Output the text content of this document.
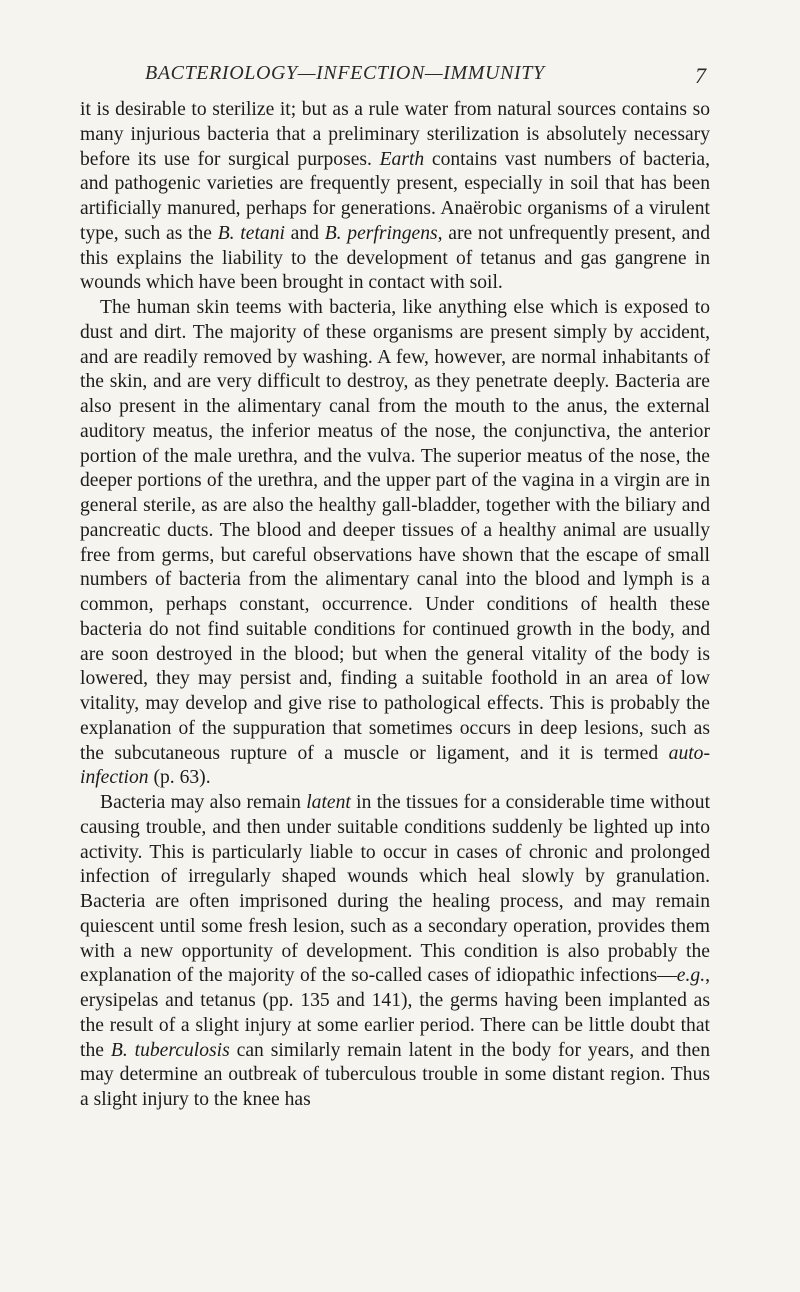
BACTERIOLOGY—INFECTION—IMMUNITY	7

it is desirable to sterilize it; but as a rule water from natural sources contains so many injurious bacteria that a preliminary sterilization is absolutely necessary before its use for surgical purposes. Earth contains vast numbers of bacteria, and pathogenic varieties are frequently present, especially in soil that has been artificially manured, perhaps for generations. Anaërobic organisms of a virulent type, such as the B. tetani and B. perfringens, are not unfrequently present, and this explains the liability to the development of tetanus and gas gangrene in wounds which have been brought in contact with soil.

The human skin teems with bacteria, like anything else which is exposed to dust and dirt. The majority of these organisms are present simply by accident, and are readily removed by washing. A few, however, are normal inhabitants of the skin, and are very difficult to destroy, as they penetrate deeply. Bacteria are also present in the alimentary canal from the mouth to the anus, the external auditory meatus, the inferior meatus of the nose, the conjunctiva, the anterior portion of the male urethra, and the vulva. The superior meatus of the nose, the deeper portions of the urethra, and the upper part of the vagina in a virgin are in general sterile, as are also the healthy gall-bladder, together with the biliary and pancreatic ducts. The blood and deeper tissues of a healthy animal are usually free from germs, but careful observations have shown that the escape of small numbers of bacteria from the alimentary canal into the blood and lymph is a common, perhaps constant, occurrence. Under conditions of health these bacteria do not find suitable conditions for continued growth in the body, and are soon destroyed in the blood; but when the general vitality of the body is lowered, they may persist and, finding a suitable foothold in an area of low vitality, may develop and give rise to pathological effects. This is probably the explanation of the suppuration that sometimes occurs in deep lesions, such as the subcutaneous rupture of a muscle or ligament, and it is termed auto-infection (p. 63).

Bacteria may also remain latent in the tissues for a considerable time without causing trouble, and then under suitable conditions suddenly be lighted up into activity. This is particularly liable to occur in cases of chronic and prolonged infection of irregularly shaped wounds which heal slowly by granulation. Bacteria are often imprisoned during the healing process, and may remain quiescent until some fresh lesion, such as a secondary operation, provides them with a new opportunity of development. This condition is also probably the explanation of the majority of the so-called cases of idiopathic infections—e.g., erysipelas and tetanus (pp. 135 and 141), the germs having been implanted as the result of a slight injury at some earlier period. There can be little doubt that the B. tuberculosis can similarly remain latent in the body for years, and then may determine an outbreak of tuberculous trouble in some distant region. Thus a slight injury to the knee has
